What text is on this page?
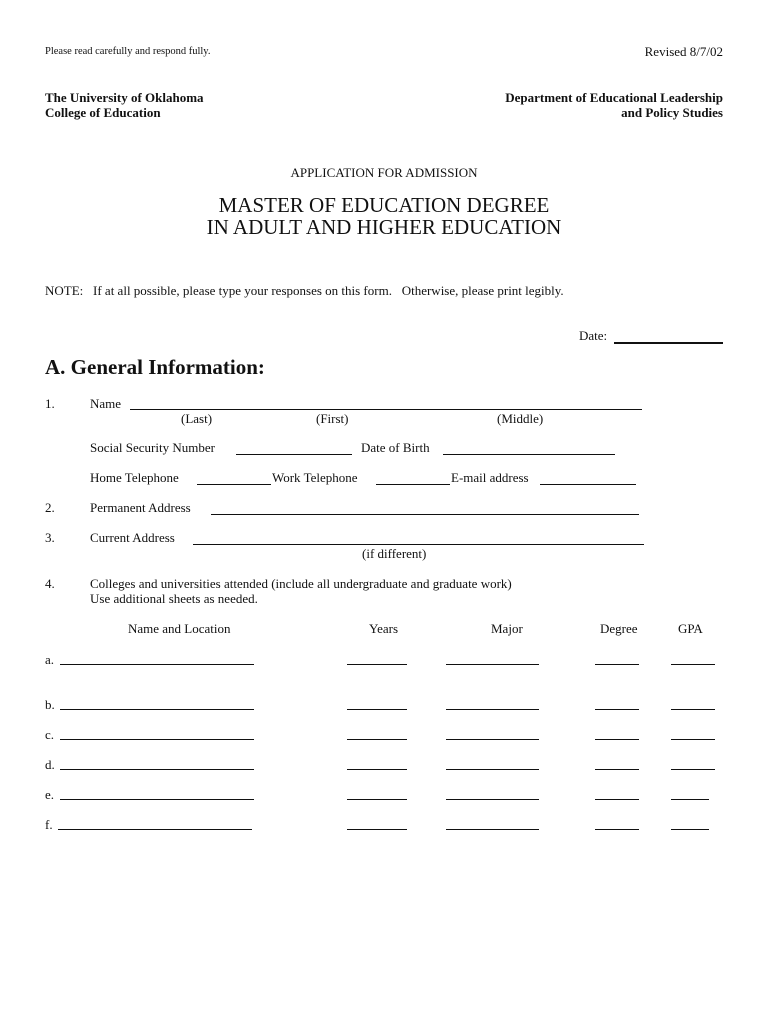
Please read carefully and respond fully.	Revised 8/7/02
The University of Oklahoma
College of Education
Department of Educational Leadership
and Policy Studies
APPLICATION FOR ADMISSION
MASTER OF EDUCATION DEGREE
IN ADULT AND HIGHER EDUCATION
NOTE:   If at all possible, please type your responses on this form.   Otherwise, please print legibly.
Date:
A. General Information:
1.	Name
(Last)	(First)	(Middle)
Social Security Number	Date of Birth
Home Telephone	Work Telephone	E-mail address
2.	Permanent Address
3.	Current Address
(if different)
4.	Colleges and universities attended (include all undergraduate and graduate work)
Use additional sheets as needed.
Name and Location	Years	Major	Degree	GPA
a.
b.
c.
d.
e.
f.
